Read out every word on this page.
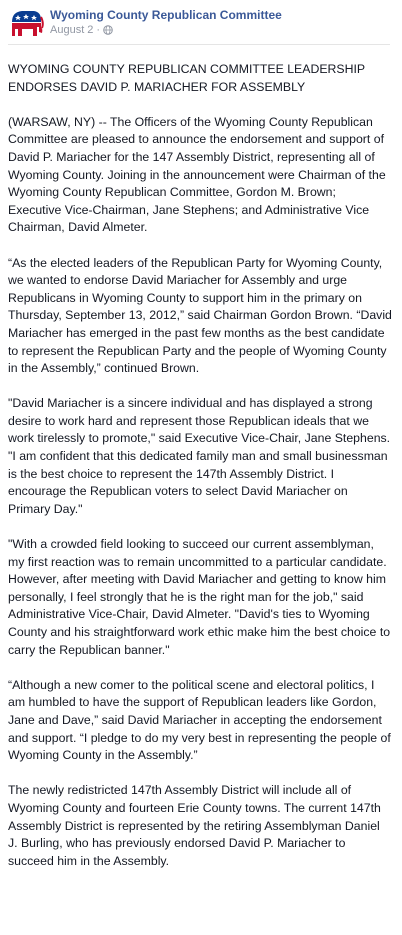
Wyoming County Republican Committee
August 2 ·

WYOMING COUNTY REPUBLICAN COMMITTEE LEADERSHIP ENDORSES DAVID P. MARIACHER FOR ASSEMBLY

(WARSAW, NY) -- The Officers of the Wyoming County Republican Committee are pleased to announce the endorsement and support of David P. Mariacher for the 147 Assembly District, representing all of Wyoming County. Joining in the announcement were Chairman of the Wyoming County Republican Committee, Gordon M. Brown; Executive Vice-Chairman, Jane Stephens; and Administrative Vice Chairman, David Almeter.

“As the elected leaders of the Republican Party for Wyoming County, we wanted to endorse David Mariacher for Assembly and urge Republicans in Wyoming County to support him in the primary on Thursday, September 13, 2012,” said Chairman Gordon Brown. “David Mariacher has emerged in the past few months as the best candidate to represent the Republican Party and the people of Wyoming County in the Assembly,” continued Brown.

"David Mariacher is a sincere individual and has displayed a strong desire to work hard and represent those Republican ideals that we work tirelessly to promote," said Executive Vice-Chair, Jane Stephens. "I am confident that this dedicated family man and small businessman is the best choice to represent the 147th Assembly District. I encourage the Republican voters to select David Mariacher on Primary Day."

"With a crowded field looking to succeed our current assemblyman, my first reaction was to remain uncommitted to a particular candidate. However, after meeting with David Mariacher and getting to know him personally, I feel strongly that he is the right man for the job," said Administrative Vice-Chair, David Almeter. "David's ties to Wyoming County and his straightforward work ethic make him the best choice to carry the Republican banner."

“Although a new comer to the political scene and electoral politics, I am humbled to have the support of Republican leaders like Gordon, Jane and Dave,” said David Mariacher in accepting the endorsement and support. “I pledge to do my very best in representing the people of Wyoming County in the Assembly.”

The newly redistricted 147th Assembly District will include all of Wyoming County and fourteen Erie County towns. The current 147th Assembly District is represented by the retiring Assemblyman Daniel J. Burling, who has previously endorsed David P. Mariacher to succeed him in the Assembly.
